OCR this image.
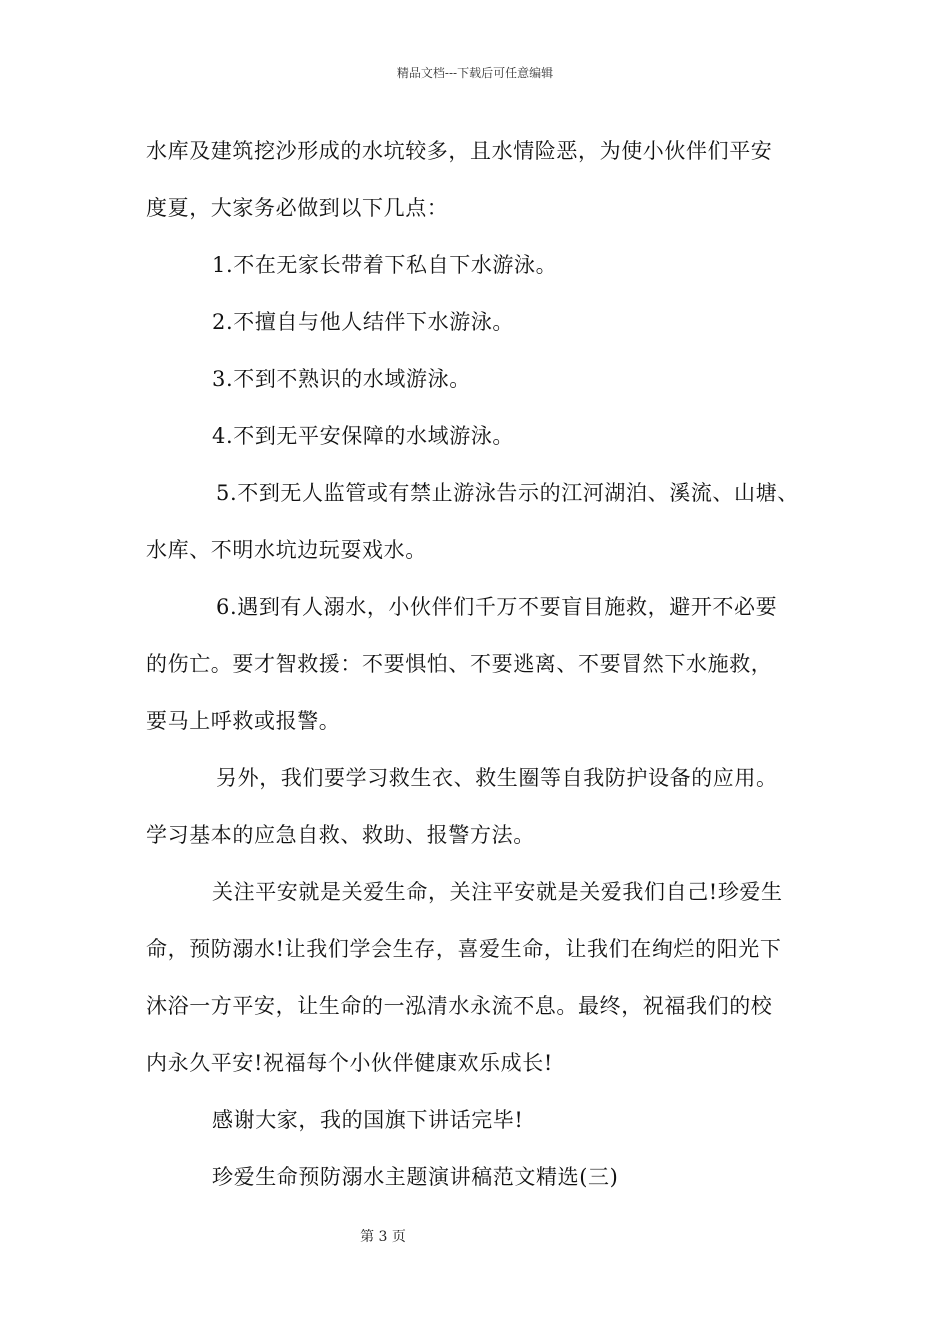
精品文档---下载后可任意编辑
水库及建筑挖沙形成的水坑较多，且水情险恶，为使小伙伴们平安
度夏，大家务必做到以下几点：
1.不在无家长带着下私自下水游泳。
2.不擅自与他人结伴下水游泳。
3.不到不熟识的水域游泳。
4.不到无平安保障的水域游泳。
5.不到无人监管或有禁止游泳告示的江河湖泊、溪流、山塘、
水库、不明水坑边玩耍戏水。
6.遇到有人溺水，小伙伴们千万不要盲目施救，避开不必要
的伤亡。要才智救援：不要惧怕、不要逃离、不要冒然下水施救，
要马上呼救或报警。
另外，我们要学习救生衣、救生圈等自我防护设备的应用。
学习基本的应急自救、救助、报警方法。
关注平安就是关爱生命，关注平安就是关爱我们自己!珍爱生
命，预防溺水!让我们学会生存，喜爱生命，让我们在绚烂的阳光下
沐浴一方平安，让生命的一泓清水永流不息。最终，祝福我们的校
内永久平安!祝福每个小伙伴健康欢乐成长!
感谢大家，我的国旗下讲话完毕!
珍爱生命预防溺水主题演讲稿范文精选(三)
第 3 页
